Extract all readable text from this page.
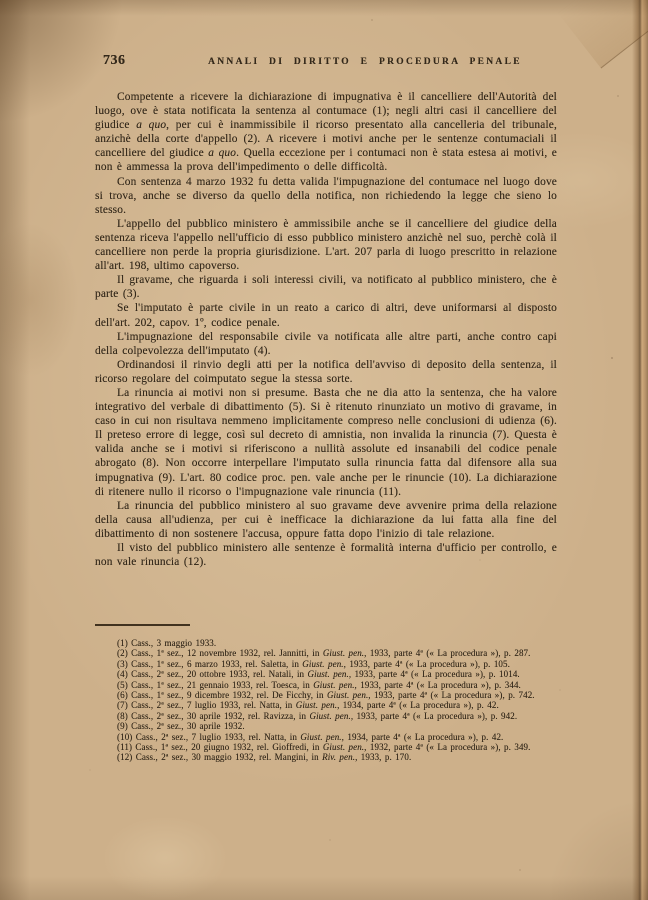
736	ANNALI DI DIRITTO E PROCEDURA PENALE

Competente a ricevere la dichiarazione di impugnativa è il cancelliere dell'Autorità del luogo, ove è stata notificata la sentenza al contumace (1); negli altri casi il cancelliere del giudice a quo, per cui è inammissibile il ricorso presentato alla cancelleria del tribunale, anzichè della corte d'appello (2). A ricevere i motivi anche per le sentenze contumaciali il cancelliere del giudice a quo. Quella eccezione per i contumaci non è stata estesa ai motivi, e non è ammessa la prova dell'impedimento o delle difficoltà.

Con sentenza 4 marzo 1932 fu detta valida l'impugnazione del contumace nel luogo dove si trova, anche se diverso da quello della notifica, non richiedendo la legge che sieno lo stesso.

L'appello del pubblico ministero è ammissibile anche se il cancelliere del giudice della sentenza riceva l'appello nell'ufficio di esso pubblico ministero anzichè nel suo, perchè colà il cancelliere non perde la propria giurisdizione. L'art. 207 parla di luogo prescritto in relazione all'art. 198, ultimo capoverso.

Il gravame, che riguarda i soli interessi civili, va notificato al pubblico ministero, che è parte (3).

Se l'imputato è parte civile in un reato a carico di altri, deve uniformarsi al disposto dell'art. 202, capov. 1º, codice penale.

L'impugnazione del responsabile civile va notificata alle altre parti, anche contro capi della colpevolezza dell'imputato (4).

Ordinandosi il rinvio degli atti per la notifica dell'avviso di deposito della sentenza, il ricorso regolare del coimputato segue la stessa sorte.

La rinuncia ai motivi non si presume. Basta che ne dia atto la sentenza, che ha valore integrativo del verbale di dibattimento (5). Si è ritenuto rinunziato un motivo di gravame, in caso in cui non risultava nemmeno implicitamente compreso nelle conclusioni di udienza (6). Il preteso errore di legge, così sul decreto di amnistia, non invalida la rinuncia (7). Questa è valida anche se i motivi si riferiscono a nullità assolute ed insanabili del codice penale abrogato (8). Non occorre interpellare l'imputato sulla rinuncia fatta dal difensore alla sua impugnativa (9). L'art. 80 codice proc. pen. vale anche per le rinuncie (10). La dichiarazione di ritenere nullo il ricorso o l'impugnazione vale rinuncia (11).

La rinuncia del pubblico ministero al suo gravame deve avvenire prima della relazione della causa all'udienza, per cui è inefficace la dichiarazione da lui fatta alla fine del dibattimento di non sostenere l'accusa, oppure fatta dopo l'inizio di tale relazione.

Il visto del pubblico ministero alle sentenze è formalità interna d'ufficio per controllo, e non vale rinuncia (12).

(1) Cass., 3 maggio 1933.

(2) Cass., 1ª sez., 12 novembre 1932, rel. Jannitti, in Giust. pen., 1933, parte 4ª (« La procedura »), p. 287.

(3) Cass., 1ª sez., 6 marzo 1933, rel. Saletta, in Giust. pen., 1933, parte 4ª (« La procedura »), p. 105.

(4) Cass., 2ª sez., 20 ottobre 1933, rel. Natali, in Giust. pen., 1933, parte 4ª (« La procedura »), p. 1014.

(5) Cass., 1ª sez., 21 gennaio 1933, rel. Toesca, in Giust. pen., 1933, parte 4ª (« La procedura »), p. 344.

(6) Cass., 1ª sez., 9 dicembre 1932, rel. De Ficchy, in Giust. pen., 1933, parte 4ª (« La procedura »), p. 742.

(7) Cass., 2ª sez., 7 luglio 1933, rel. Natta, in Giust. pen., 1934, parte 4ª (« La procedura »), p. 42.

(8) Cass., 2ª sez., 30 aprile 1932, rel. Ravizza, in Giust. pen., 1933, parte 4ª (« La procedura »), p. 942.

(9) Cass., 2ª sez., 30 aprile 1932.

(10) Cass., 2ª sez., 7 luglio 1933, rel. Natta, in Giust. pen., 1934, parte 4ª (« La procedura »), p. 42.

(11) Cass., 1ª sez., 20 giugno 1932, rel. Gioffredi, in Giust. pen., 1932, parte 4ª (« La procedura »), p. 349.

(12) Cass., 2ª sez., 30 maggio 1932, rel. Mangini, in Riv. pen., 1933, p. 170.
